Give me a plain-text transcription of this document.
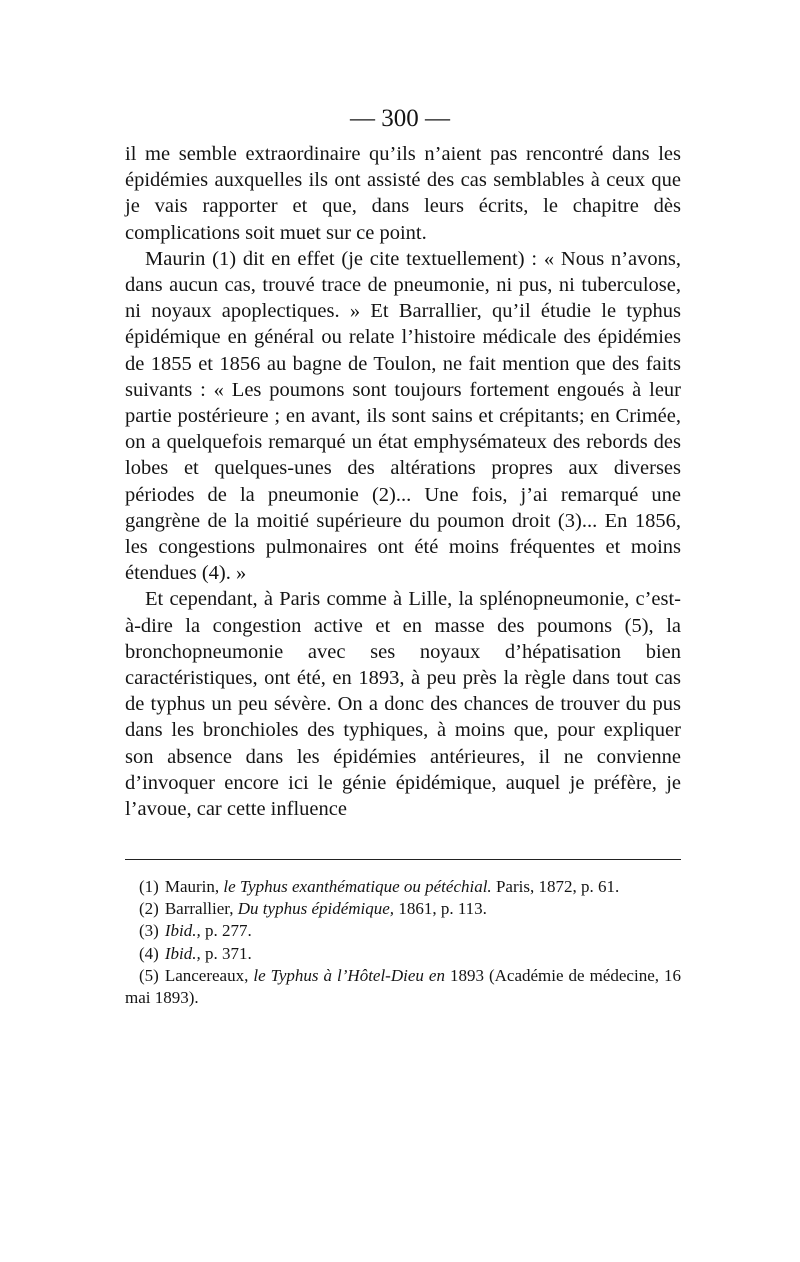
— 300 —

il me semble extraordinaire qu’ils n’aient pas rencontré dans les épidémies auxquelles ils ont assisté des cas semblables à ceux que je vais rapporter et que, dans leurs écrits, le chapitre dès complications soit muet sur ce point.

Maurin (1) dit en effet (je cite textuellement) : « Nous n’avons, dans aucun cas, trouvé trace de pneumonie, ni pus, ni tuberculose, ni noyaux apoplectiques. » Et Barrallier, qu’il étudie le typhus épidémique en général ou relate l’histoire médicale des épidémies de 1855 et 1856 au bagne de Toulon, ne fait mention que des faits suivants : « Les poumons sont toujours fortement engoués à leur partie postérieure ; en avant, ils sont sains et crépitants; en Crimée, on a quelquefois remarqué un état emphysémateux des rebords des lobes et quelques-unes des altérations propres aux diverses périodes de la pneumonie (2)... Une fois, j’ai remarqué une gangrène de la moitié supérieure du poumon droit (3)... En 1856, les congestions pulmonaires ont été moins fréquentes et moins étendues (4). »

Et cependant, à Paris comme à Lille, la splénopneumonie, c’est-à-dire la congestion active et en masse des poumons (5), la bronchopneumonie avec ses noyaux d’hépatisation bien caractéristiques, ont été, en 1893, à peu près la règle dans tout cas de typhus un peu sévère. On a donc des chances de trouver du pus dans les bronchioles des typhiques, à moins que, pour expliquer son absence dans les épidémies antérieures, il ne convienne d’invoquer encore ici le génie épidémique, auquel je préfère, je l’avoue, car cette influence

(1) Maurin, le Typhus exanthématique ou pétéchial. Paris, 1872, p. 61.

(2) Barrallier, Du typhus épidémique, 1861, p. 113.

(3) Ibid., p. 277.

(4) Ibid., p. 371.

(5) Lancereaux, le Typhus à l’Hôtel-Dieu en 1893 (Académie de médecine, 16 mai 1893).
